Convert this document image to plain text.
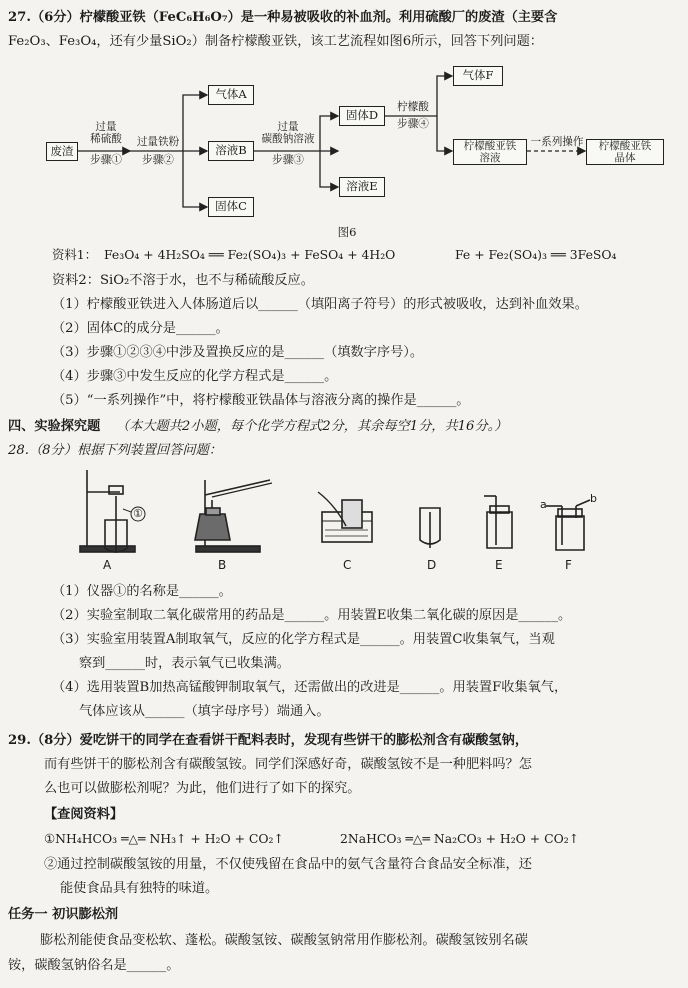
27.（6分）柠檬酸亚铁（FeC₆H₆O₇）是一种易被吸收的补血剂。利用硫酸厂的废渣（主要含
Fe₂O₃、Fe₃O₄，还有少量SiO₂）制备柠檬酸亚铁，该工艺流程如图6所示，回答下列问题：
废渣
气体A
溶液B
固体C
固体D
溶液E
气体F
柠檬酸亚铁溶液
柠檬酸亚铁晶体
过量
稀硫酸
步骤①
过量铁粉
步骤②
过量
碳酸钠溶液
步骤③
柠檬酸
步骤④
一系列操作
图6
资料1： Fe₃O₄ + 4H₂SO₄ ══ Fe₂(SO₄)₃ + FeSO₄ + 4H₂O	Fe + Fe₂(SO₄)₃ ══ 3FeSO₄
资料2：SiO₂不溶于水，也不与稀硫酸反应。
（1）柠檬酸亚铁进入人体肠道后以______（填阳离子符号）的形式被吸收，达到补血效果。
（2）固体C的成分是______。
（3）步骤①②③④中涉及置换反应的是______（填数字序号）。
（4）步骤③中发生反应的化学方程式是______。
（5）“一系列操作”中，将柠檬酸亚铁晶体与溶液分离的操作是______。
四、实验探究题 （本大题共2小题，每个化学方程式2分，其余每空1分，共16分。）
28.（8分）根据下列装置回答问题：
①
a	b
A	B	C	D	E	F
（1）仪器①的名称是______。
（2）实验室制取二氧化碳常用的药品是______。用装置E收集二氧化碳的原因是______。
（3）实验室用装置A制取氧气，反应的化学方程式是______。用装置C收集氧气，当观
察到______时，表示氧气已收集满。
（4）选用装置B加热高锰酸钾制取氧气，还需做出的改进是______。用装置F收集氧气，
气体应该从______（填字母序号）端通入。
29.（8分）爱吃饼干的同学在查看饼干配料表时，发现有些饼干的膨松剂含有碳酸氢钠，
而有些饼干的膨松剂含有碳酸氢铵。同学们深感好奇，碳酸氢铵不是一种肥料吗？怎
么也可以做膨松剂呢？为此，他们进行了如下的探究。
【查阅资料】
①NH₄HCO₃ ═△═ NH₃↑ + H₂O + CO₂↑	2NaHCO₃ ═△═ Na₂CO₃ + H₂O + CO₂↑
②通过控制碳酸氢铵的用量，不仅使残留在食品中的氨气含量符合食品安全标准，还
能使食品具有独特的味道。
任务一 初识膨松剂
膨松剂能使食品变松软、蓬松。碳酸氢铵、碳酸氢钠常用作膨松剂。碳酸氢铵别名碳
铵，碳酸氢钠俗名是______。
